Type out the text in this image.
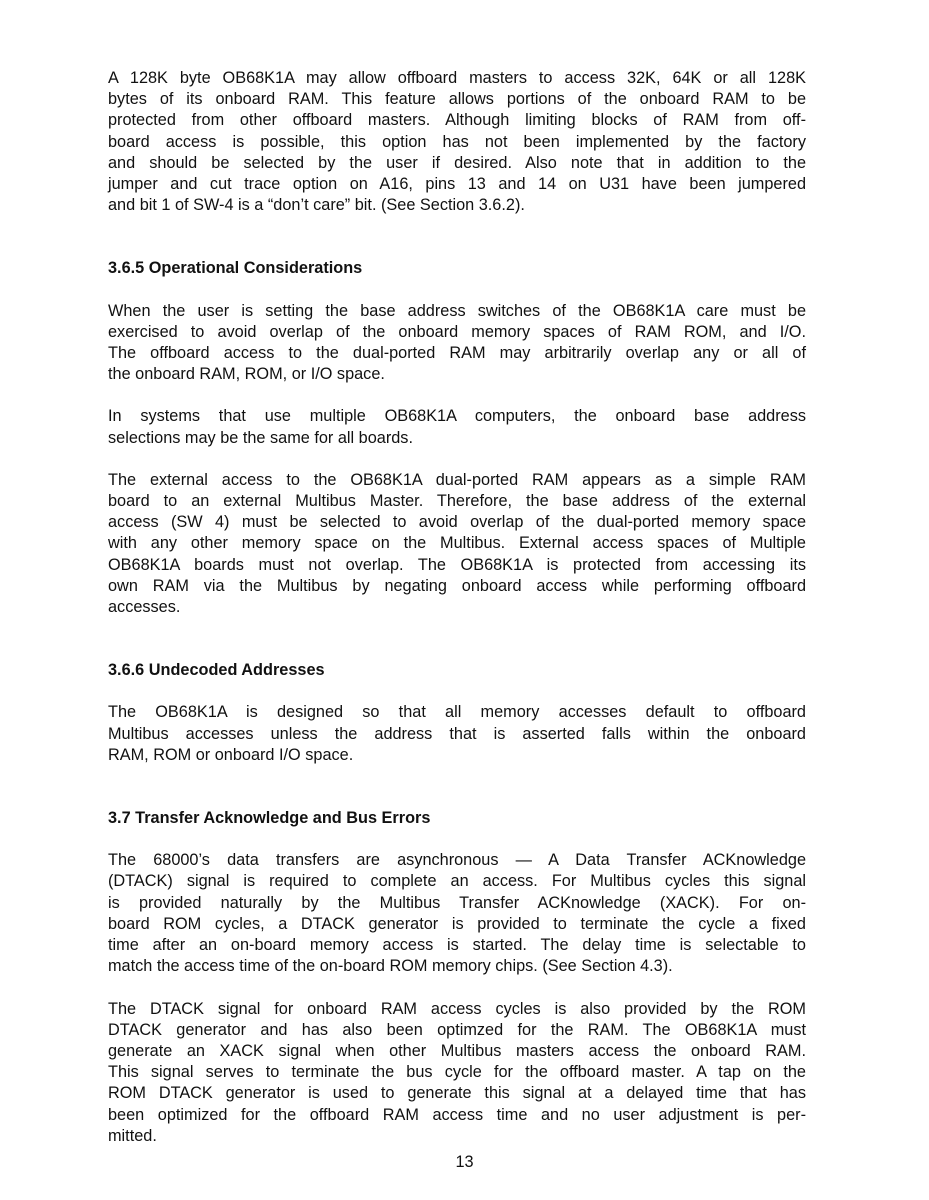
A 128K byte OB68K1A may allow offboard masters to access 32K, 64K or all 128K
bytes of its onboard RAM. This feature allows portions of the onboard RAM to be
protected from other offboard masters. Although limiting blocks of RAM from off-
board access is possible, this option has not been implemented by the factory
and should be selected by the user if desired. Also note that in addition to the
jumper and cut trace option on A16, pins 13 and 14 on U31 have been jumpered
and bit 1 of SW-4 is a “don’t care” bit. (See Section 3.6.2).

3.6.5 Operational Considerations

When the user is setting the base address switches of the OB68K1A care must be
exercised to avoid overlap of the onboard memory spaces of RAM ROM, and I/O.
The offboard access to the dual-ported RAM may arbitrarily overlap any or all of
the onboard RAM, ROM, or I/O space.

In systems that use multiple OB68K1A computers, the onboard base address
selections may be the same for all boards.

The external access to the OB68K1A dual-ported RAM appears as a simple RAM
board to an external Multibus Master. Therefore, the base address of the external
access (SW 4) must be selected to avoid overlap of the dual-ported memory space
with any other memory space on the Multibus. External access spaces of Multiple
OB68K1A boards must not overlap. The OB68K1A is protected from accessing its
own RAM via the Multibus by negating onboard access while performing offboard
accesses.

3.6.6 Undecoded Addresses

The OB68K1A is designed so that all memory accesses default to offboard
Multibus accesses unless the address that is asserted falls within the onboard
RAM, ROM or onboard I/O space.

3.7 Transfer Acknowledge and Bus Errors

The 68000’s data transfers are asynchronous — A Data Transfer ACKnowledge
(DTACK) signal is required to complete an access. For Multibus cycles this signal
is provided naturally by the Multibus Transfer ACKnowledge (XACK). For on-
board ROM cycles, a DTACK generator is provided to terminate the cycle a fixed
time after an on-board memory access is started. The delay time is selectable to
match the access time of the on-board ROM memory chips. (See Section 4.3).

The DTACK signal for onboard RAM access cycles is also provided by the ROM
DTACK generator and has also been optimzed for the RAM. The OB68K1A must
generate an XACK signal when other Multibus masters access the onboard RAM.
This signal serves to terminate the bus cycle for the offboard master. A tap on the
ROM DTACK generator is used to generate this signal at a delayed time that has
been optimized for the offboard RAM access time and no user adjustment is per-
mitted.

13
